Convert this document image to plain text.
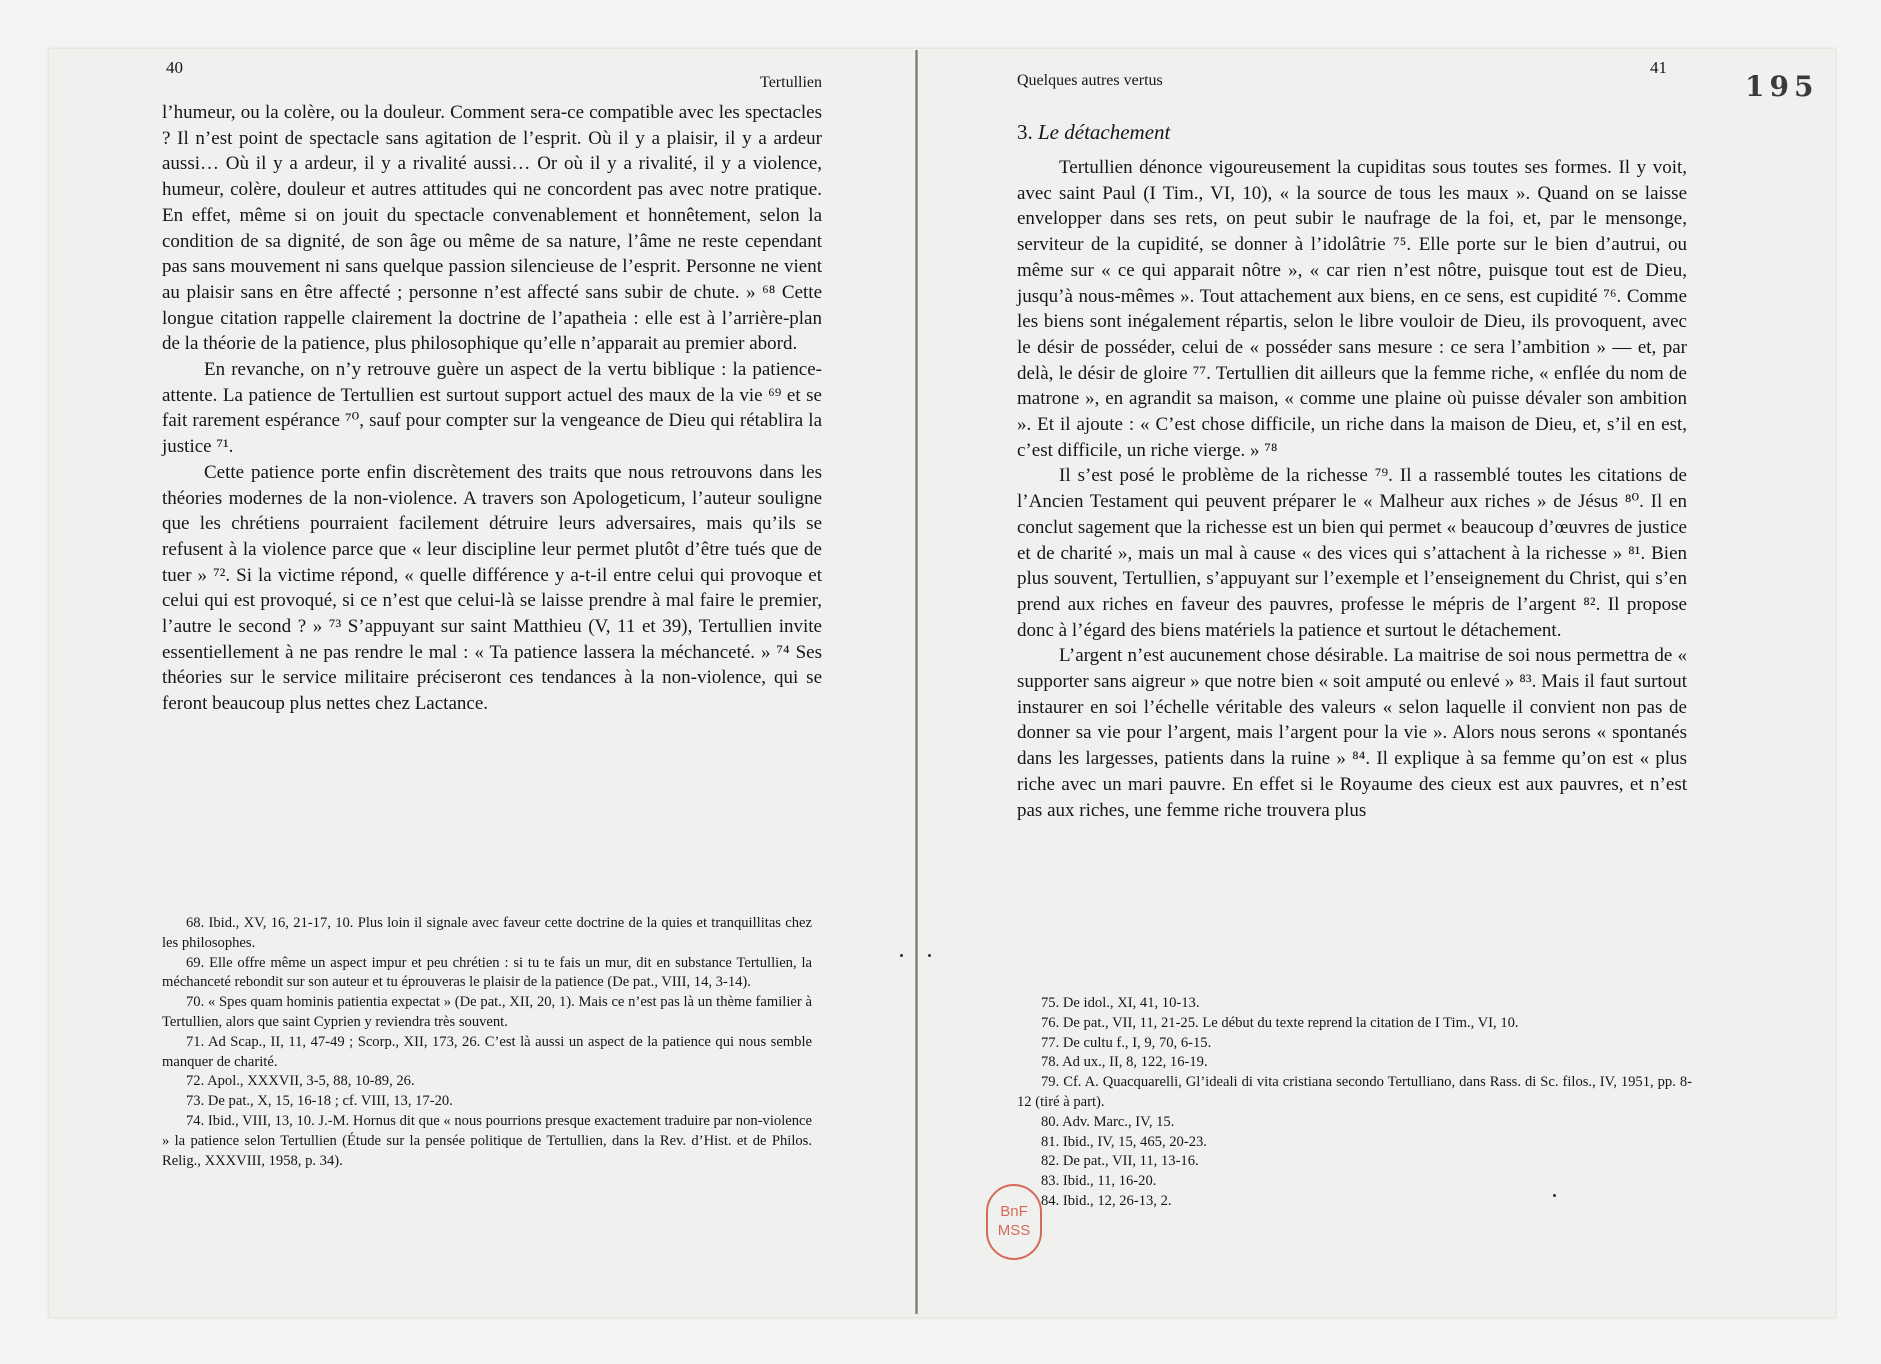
195
40
Tertullien

l’humeur, ou la colère, ou la douleur. Comment sera-ce compatible avec les spectacles ? Il n’est point de spectacle sans agitation de l’esprit. Où il y a plaisir, il y a ardeur aussi… Où il y a ardeur, il y a rivalité aussi… Or où il y a rivalité, il y a violence, humeur, colère, douleur et autres attitudes qui ne concordent pas avec notre pratique. En effet, même si on jouit du spectacle convenablement et honnêtement, selon la condition de sa dignité, de son âge ou même de sa nature, l’âme ne reste cependant pas sans mouvement ni sans quelque passion silencieuse de l’esprit. Personne ne vient au plaisir sans en être affecté ; personne n’est affecté sans subir de chute. » ⁶⁸ Cette longue citation rappelle clairement la doctrine de l’apatheia : elle est à l’arrière-plan de la théorie de la patience, plus philosophique qu’elle n’apparait au premier abord.

En revanche, on n’y retrouve guère un aspect de la vertu biblique : la patience-attente. La patience de Tertullien est surtout support actuel des maux de la vie ⁶⁹ et se fait rarement espérance ⁷⁰, sauf pour compter sur la vengeance de Dieu qui rétablira la justice ⁷¹.

Cette patience porte enfin discrètement des traits que nous retrouvons dans les théories modernes de la non-violence. A travers son Apologeticum, l’auteur souligne que les chrétiens pourraient facilement détruire leurs adversaires, mais qu’ils se refusent à la violence parce que « leur discipline leur permet plutôt d’être tués que de tuer » ⁷². Si la victime répond, « quelle différence y a-t-il entre celui qui provoque et celui qui est provoqué, si ce n’est que celui-là se laisse prendre à mal faire le premier, l’autre le second ? » ⁷³ S’appuyant sur saint Matthieu (V, 11 et 39), Tertullien invite essentiellement à ne pas rendre le mal : « Ta patience lassera la méchanceté. » ⁷⁴ Ses théories sur le service militaire préciseront ces tendances à la non-violence, qui se feront beaucoup plus nettes chez Lactance.

68. Ibid., XV, 16, 21-17, 10. Plus loin il signale avec faveur cette doctrine de la quies et tranquillitas chez les philosophes.

69. Elle offre même un aspect impur et peu chrétien : si tu te fais un mur, dit en substance Tertullien, la méchanceté rebondit sur son auteur et tu éprouveras le plaisir de la patience (De pat., VIII, 14, 3-14).

70. « Spes quam hominis patientia expectat » (De pat., XII, 20, 1). Mais ce n’est pas là un thème familier à Tertullien, alors que saint Cyprien y reviendra très souvent.

71. Ad Scap., II, 11, 47-49 ; Scorp., XII, 173, 26. C’est là aussi un aspect de la patience qui nous semble manquer de charité.

72. Apol., XXXVII, 3-5, 88, 10-89, 26.

73. De pat., X, 15, 16-18 ; cf. VIII, 13, 17-20.

74. Ibid., VIII, 13, 10. J.-M. Hornus dit que « nous pourrions presque exactement traduire par non-violence » la patience selon Tertullien (Étude sur la pensée politique de Tertullien, dans la Rev. d’Hist. et de Philos. Relig., XXXVIII, 1958, p. 34).

Quelques autres vertus
41
3. Le détachement

Tertullien dénonce vigoureusement la cupiditas sous toutes ses formes. Il y voit, avec saint Paul (I Tim., VI, 10), « la source de tous les maux ». Quand on se laisse envelopper dans ses rets, on peut subir le naufrage de la foi, et, par le mensonge, serviteur de la cupidité, se donner à l’idolâtrie ⁷⁵. Elle porte sur le bien d’autrui, ou même sur « ce qui apparait nôtre », « car rien n’est nôtre, puisque tout est de Dieu, jusqu’à nous-mêmes ». Tout attachement aux biens, en ce sens, est cupidité ⁷⁶. Comme les biens sont inégalement répartis, selon le libre vouloir de Dieu, ils provoquent, avec le désir de posséder, celui de « posséder sans mesure : ce sera l’ambition » — et, par delà, le désir de gloire ⁷⁷. Tertullien dit ailleurs que la femme riche, « enflée du nom de matrone », en agrandit sa maison, « comme une plaine où puisse dévaler son ambition ». Et il ajoute : « C’est chose difficile, un riche dans la maison de Dieu, et, s’il en est, c’est difficile, un riche vierge. » ⁷⁸

Il s’est posé le problème de la richesse ⁷⁹. Il a rassemblé toutes les citations de l’Ancien Testament qui peuvent préparer le « Malheur aux riches » de Jésus ⁸⁰. Il en conclut sagement que la richesse est un bien qui permet « beaucoup d’œuvres de justice et de charité », mais un mal à cause « des vices qui s’attachent à la richesse » ⁸¹. Bien plus souvent, Tertullien, s’appuyant sur l’exemple et l’enseignement du Christ, qui s’en prend aux riches en faveur des pauvres, professe le mépris de l’argent ⁸². Il propose donc à l’égard des biens matériels la patience et surtout le détachement.

L’argent n’est aucunement chose désirable. La maitrise de soi nous permettra de « supporter sans aigreur » que notre bien « soit amputé ou enlevé » ⁸³. Mais il faut surtout instaurer en soi l’échelle véritable des valeurs « selon laquelle il convient non pas de donner sa vie pour l’argent, mais l’argent pour la vie ». Alors nous serons « spontanés dans les largesses, patients dans la ruine » ⁸⁴. Il explique à sa femme qu’on est « plus riche avec un mari pauvre. En effet si le Royaume des cieux est aux pauvres, et n’est pas aux riches, une femme riche trouvera plus

75. De idol., XI, 41, 10-13.

76. De pat., VII, 11, 21-25. Le début du texte reprend la citation de I Tim., VI, 10.

77. De cultu f., I, 9, 70, 6-15.

78. Ad ux., II, 8, 122, 16-19.

79. Cf. A. Quacquarelli, Gl’ideali di vita cristiana secondo Tertulliano, dans Rass. di Sc. filos., IV, 1951, pp. 8-12 (tiré à part).

80. Adv. Marc., IV, 15.

81. Ibid., IV, 15, 465, 20-23.

82. De pat., VII, 11, 13-16.

83. Ibid., 11, 16-20.

84. Ibid., 12, 26-13, 2.

BnF
MSS
